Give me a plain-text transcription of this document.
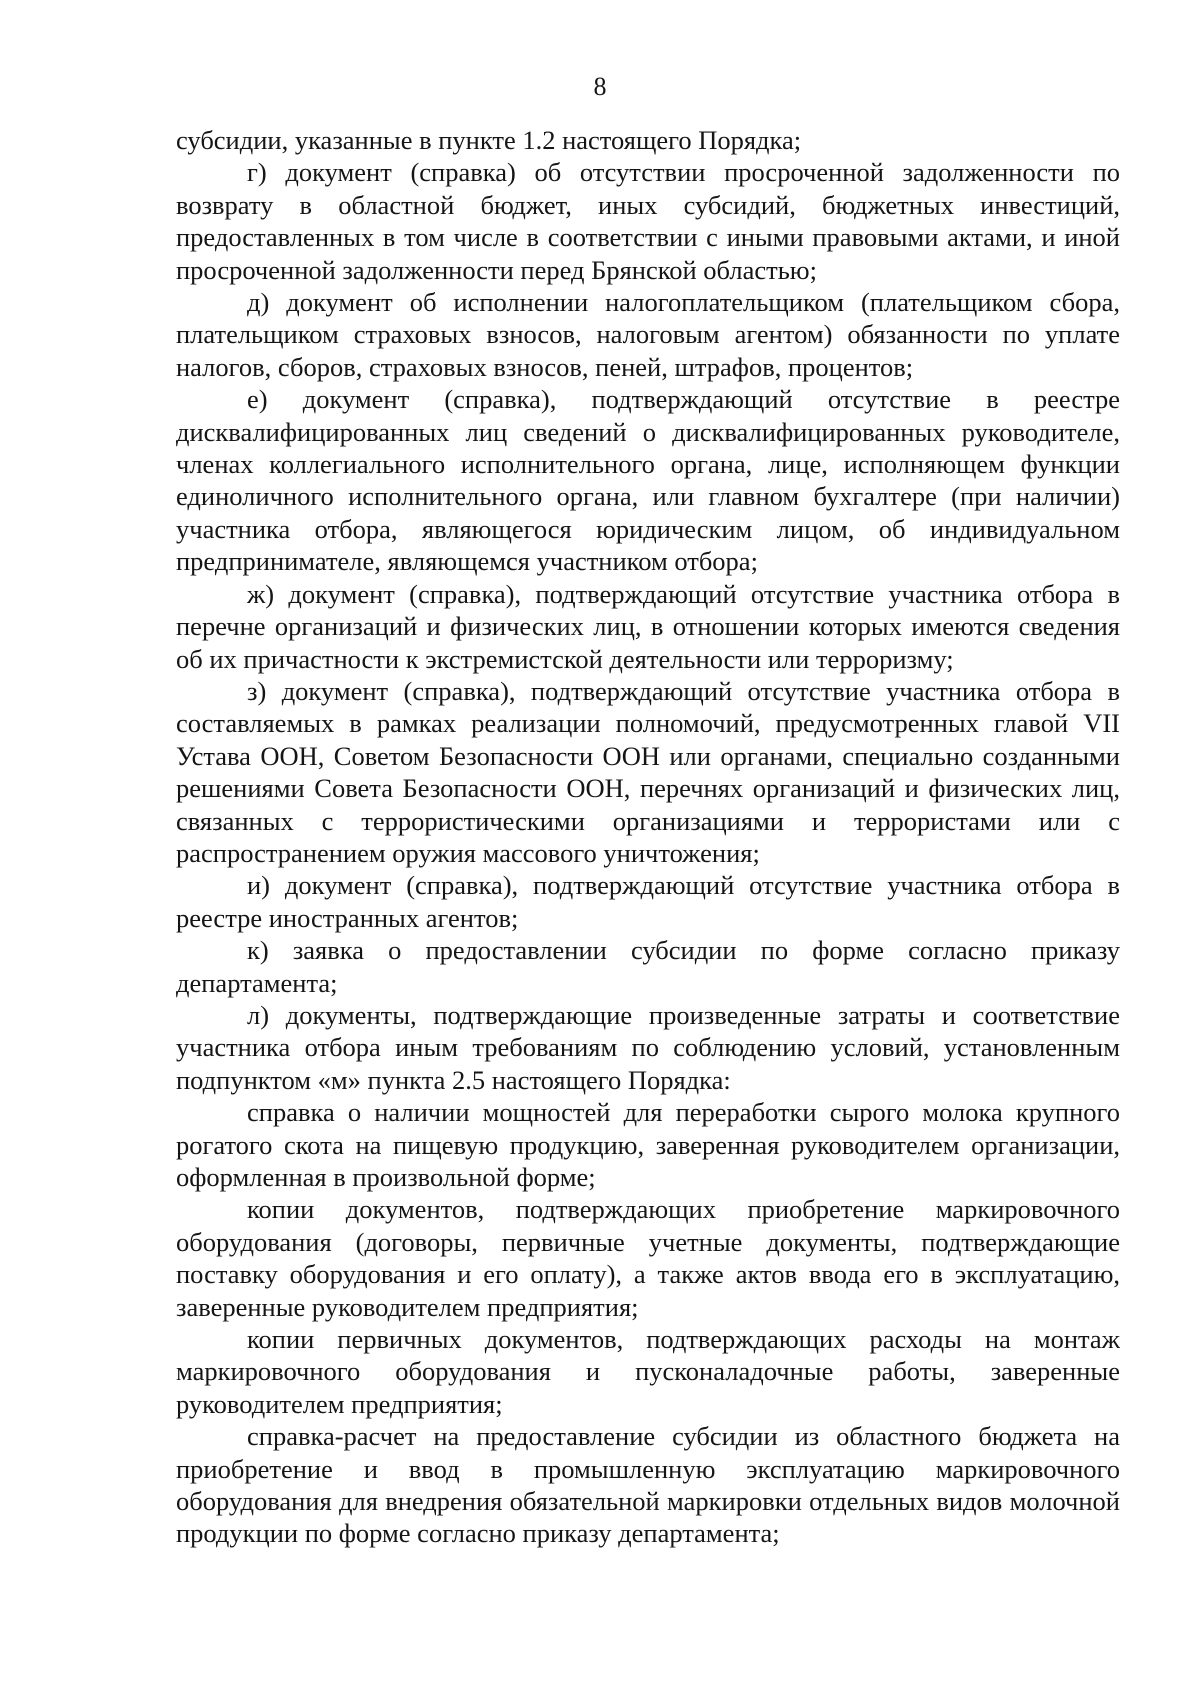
8

субсидии, указанные в пункте 1.2 настоящего Порядка;

г) документ (справка) об отсутствии просроченной задолженности по возврату в областной бюджет, иных субсидий, бюджетных инвестиций, предоставленных в том числе в соответствии с иными правовыми актами, и иной просроченной задолженности перед Брянской областью;

д) документ об исполнении налогоплательщиком (плательщиком сбора, плательщиком страховых взносов, налоговым агентом) обязанности по уплате налогов, сборов, страховых взносов, пеней, штрафов, процентов;

е) документ (справка), подтверждающий отсутствие в реестре дисквалифицированных лиц сведений о дисквалифицированных руководителе, членах коллегиального исполнительного органа, лице, исполняющем функции единоличного исполнительного органа, или главном бухгалтере (при наличии) участника отбора, являющегося юридическим лицом, об индивидуальном предпринимателе, являющемся участником отбора;

ж) документ (справка), подтверждающий отсутствие участника отбора в перечне организаций и физических лиц, в отношении которых имеются сведения об их причастности к экстремистской деятельности или терроризму;

з) документ (справка), подтверждающий отсутствие участника отбора в составляемых в рамках реализации полномочий, предусмотренных главой VII Устава ООН, Советом Безопасности ООН или органами, специально созданными решениями Совета Безопасности ООН, перечнях организаций и физических лиц, связанных с террористическими организациями и террористами или с распространением оружия массового уничтожения;

и) документ (справка), подтверждающий отсутствие участника отбора в реестре иностранных агентов;

к) заявка о предоставлении субсидии по форме согласно приказу департамента;

л) документы, подтверждающие произведенные затраты и соответствие участника отбора иным требованиям по соблюдению условий, установленным подпунктом «м» пункта 2.5 настоящего Порядка:

справка о наличии мощностей для переработки сырого молока крупного рогатого скота на пищевую продукцию, заверенная руководителем организации, оформленная в произвольной форме;

копии документов, подтверждающих приобретение маркировочного оборудования (договоры, первичные учетные документы, подтверждающие поставку оборудования и его оплату), а также актов ввода его в эксплуатацию, заверенные руководителем предприятия;

копии первичных документов, подтверждающих расходы на монтаж маркировочного оборудования и пусконаладочные работы, заверенные руководителем предприятия;

справка-расчет на предоставление субсидии из областного бюджета на приобретение и ввод в промышленную эксплуатацию маркировочного оборудования для внедрения обязательной маркировки отдельных видов молочной продукции по форме согласно приказу департамента;
